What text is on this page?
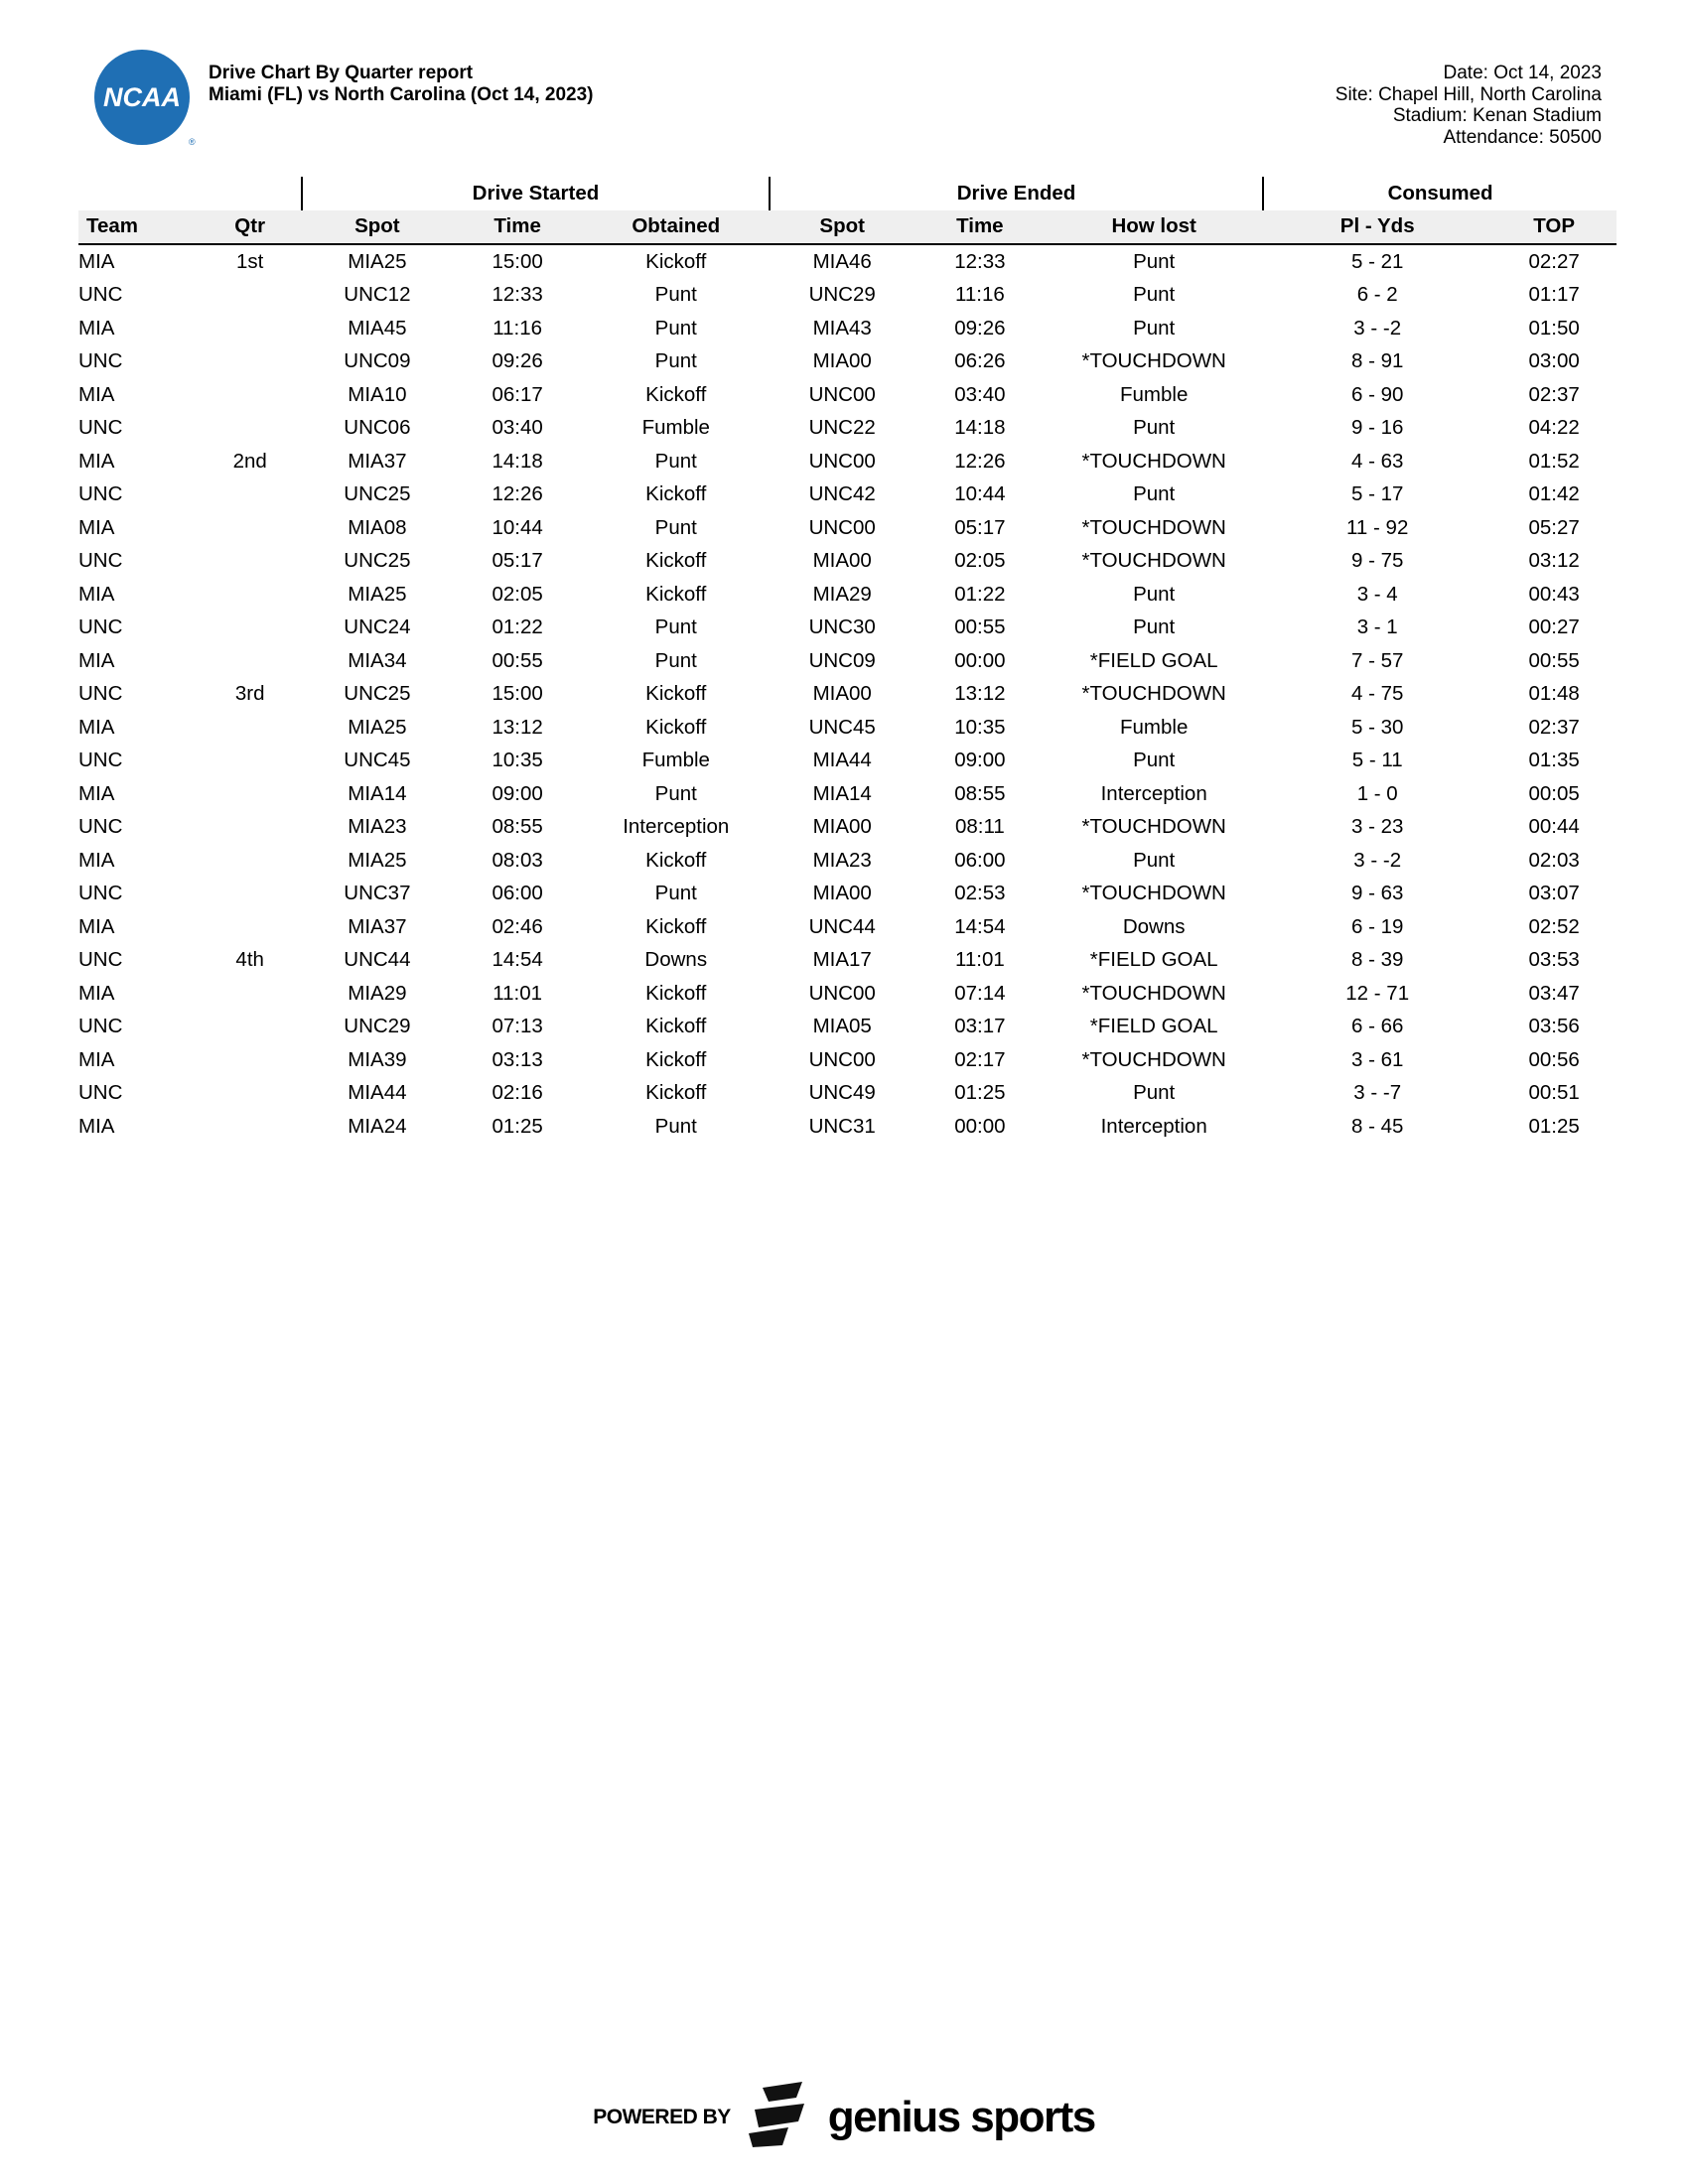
NCAA
®
Drive Chart By Quarter report
Miami (FL) vs North Carolina (Oct 14, 2023)
Date: Oct 14, 2023
Site: Chapel Hill, North Carolina
Stadium: Kenan Stadium
Attendance: 50500
		Drive Started			Drive Ended			Consumed	
Team	Qtr	Spot	Time	Obtained	Spot	Time	How lost	Pl - Yds	TOP
MIA	1st	MIA25	15:00	Kickoff	MIA46	12:33	Punt	5 - 21	02:27
UNC		UNC12	12:33	Punt	UNC29	11:16	Punt	6 - 2	01:17
MIA		MIA45	11:16	Punt	MIA43	09:26	Punt	3 - -2	01:50
UNC		UNC09	09:26	Punt	MIA00	06:26	*TOUCHDOWN	8 - 91	03:00
MIA		MIA10	06:17	Kickoff	UNC00	03:40	Fumble	6 - 90	02:37
UNC		UNC06	03:40	Fumble	UNC22	14:18	Punt	9 - 16	04:22
MIA	2nd	MIA37	14:18	Punt	UNC00	12:26	*TOUCHDOWN	4 - 63	01:52
UNC		UNC25	12:26	Kickoff	UNC42	10:44	Punt	5 - 17	01:42
MIA		MIA08	10:44	Punt	UNC00	05:17	*TOUCHDOWN	11 - 92	05:27
UNC		UNC25	05:17	Kickoff	MIA00	02:05	*TOUCHDOWN	9 - 75	03:12
MIA		MIA25	02:05	Kickoff	MIA29	01:22	Punt	3 - 4	00:43
UNC		UNC24	01:22	Punt	UNC30	00:55	Punt	3 - 1	00:27
MIA		MIA34	00:55	Punt	UNC09	00:00	*FIELD GOAL	7 - 57	00:55
UNC	3rd	UNC25	15:00	Kickoff	MIA00	13:12	*TOUCHDOWN	4 - 75	01:48
MIA		MIA25	13:12	Kickoff	UNC45	10:35	Fumble	5 - 30	02:37
UNC		UNC45	10:35	Fumble	MIA44	09:00	Punt	5 - 11	01:35
MIA		MIA14	09:00	Punt	MIA14	08:55	Interception	1 - 0	00:05
UNC		MIA23	08:55	Interception	MIA00	08:11	*TOUCHDOWN	3 - 23	00:44
MIA		MIA25	08:03	Kickoff	MIA23	06:00	Punt	3 - -2	02:03
UNC		UNC37	06:00	Punt	MIA00	02:53	*TOUCHDOWN	9 - 63	03:07
MIA		MIA37	02:46	Kickoff	UNC44	14:54	Downs	6 - 19	02:52
UNC	4th	UNC44	14:54	Downs	MIA17	11:01	*FIELD GOAL	8 - 39	03:53
MIA		MIA29	11:01	Kickoff	UNC00	07:14	*TOUCHDOWN	12 - 71	03:47
UNC		UNC29	07:13	Kickoff	MIA05	03:17	*FIELD GOAL	6 - 66	03:56
MIA		MIA39	03:13	Kickoff	UNC00	02:17	*TOUCHDOWN	3 - 61	00:56
UNC		MIA44	02:16	Kickoff	UNC49	01:25	Punt	3 - -7	00:51
MIA		MIA24	01:25	Punt	UNC31	00:00	Interception	8 - 45	01:25
POWERED BY genius sports
